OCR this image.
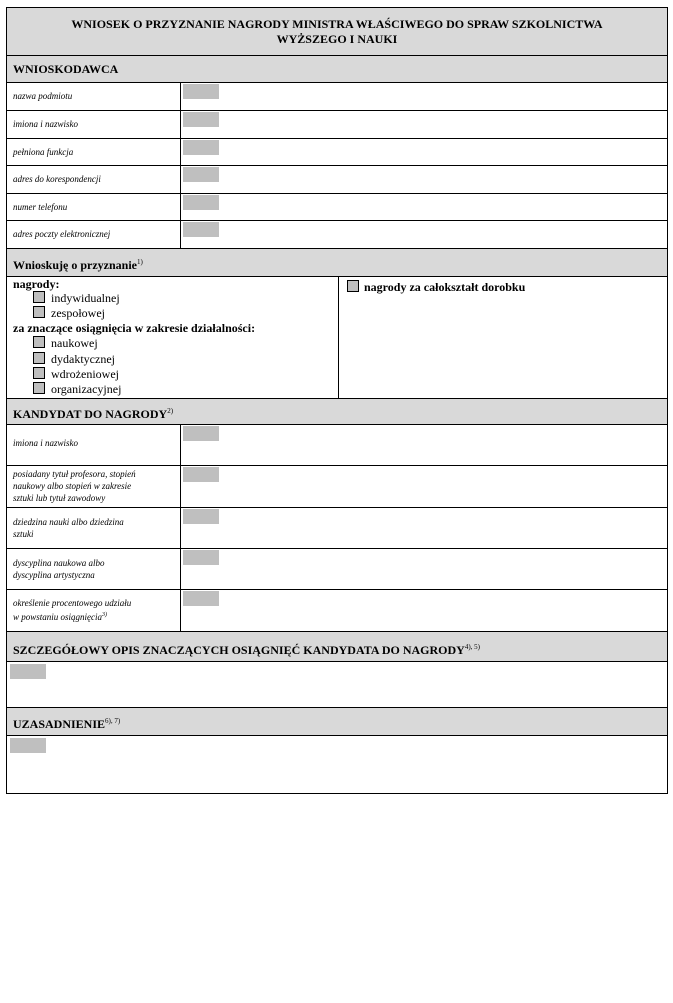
WNIOSEK O PRZYZNANIE NAGRODY MINISTRA WŁAŚCIWEGO DO SPRAW SZKOLNICTWA
WYŻSZEGO I NAUKI
WNIOSKODAWCA
nazwa podmiotu
imiona i nazwisko
pełniona funkcja
adres do korespondencji
numer telefonu
adres poczty elektronicznej
Wnioskuję o przyznanie$^{1)}$
nagrody:
indywidualnej
zespołowej
za znaczące osiągnięcia w zakresie działalności:
naukowej
dydaktycznej
wdrożeniowej
organizacyjnej
nagrody za całokształt dorobku
KANDYDAT DO NAGRODY$^{2)}$
imiona i nazwisko
posiadany tytuł profesora, stopień
naukowy albo stopień w zakresie
sztuki lub tytuł zawodowy
dziedzina nauki albo dziedzina
sztuki
dyscyplina naukowa albo
dyscyplina artystyczna
określenie procentowego udziału
w powstaniu osiągnięcia$^{3)}$
SZCZEGÓŁOWY OPIS ZNACZĄCYCH OSIĄGNIĘĆ KANDYDATA DO $NAGRODY^{4), 5)}$
$UZASADNIENIE^{6), 7)}$
